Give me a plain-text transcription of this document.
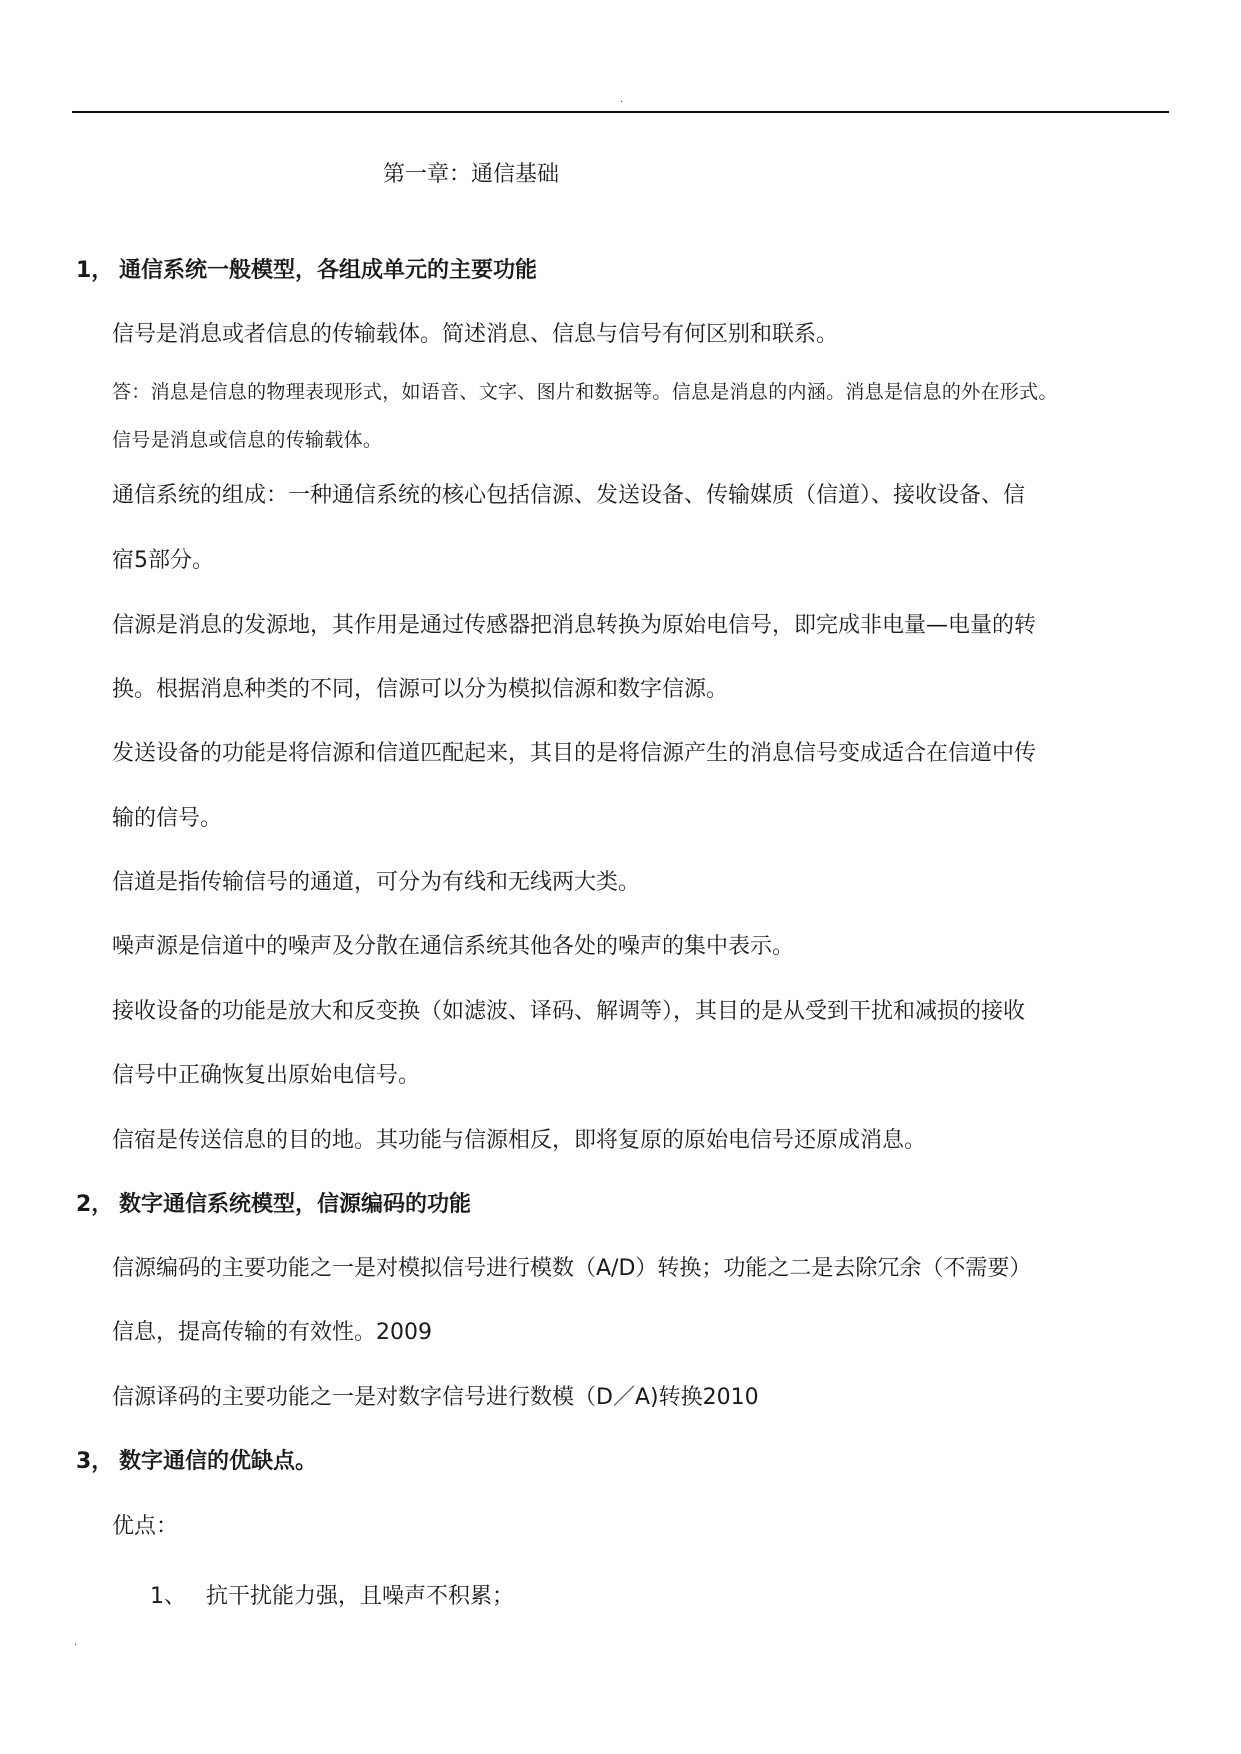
.
第一章：通信基础
1， 通信系统一般模型，各组成单元的主要功能

信号是消息或者信息的传输载体。简述消息、信息与信号有何区别和联系。

答：消息是信息的物理表现形式，如语音、文字、图片和数据等。信息是消息的内涵。消息是信息的外在形式。

信号是消息或信息的传输载体。

通信系统的组成：一种通信系统的核心包括信源、发送设备、传输媒质（信道）、接收设备、信

宿5部分。

信源是消息的发源地，其作用是通过传感器把消息转换为原始电信号，即完成非电量—电量的转

换。根据消息种类的不同，信源可以分为模拟信源和数字信源。

发送设备的功能是将信源和信道匹配起来，其目的是将信源产生的消息信号变成适合在信道中传

输的信号。

信道是指传输信号的通道，可分为有线和无线两大类。

噪声源是信道中的噪声及分散在通信系统其他各处的噪声的集中表示。

接收设备的功能是放大和反变换（如滤波、译码、解调等），其目的是从受到干扰和减损的接收

信号中正确恢复出原始电信号。

信宿是传送信息的目的地。其功能与信源相反，即将复原的原始电信号还原成消息。

2， 数字通信系统模型，信源编码的功能

信源编码的主要功能之一是对模拟信号进行模数（A/D）转换；功能之二是去除冗余（不需要）

信息，提高传输的有效性。2009

信源译码的主要功能之一是对数字信号进行数模（D／A)转换2010

3， 数字通信的优缺点。

优点：

1、 抗干扰能力强，且噪声不积累；
.
